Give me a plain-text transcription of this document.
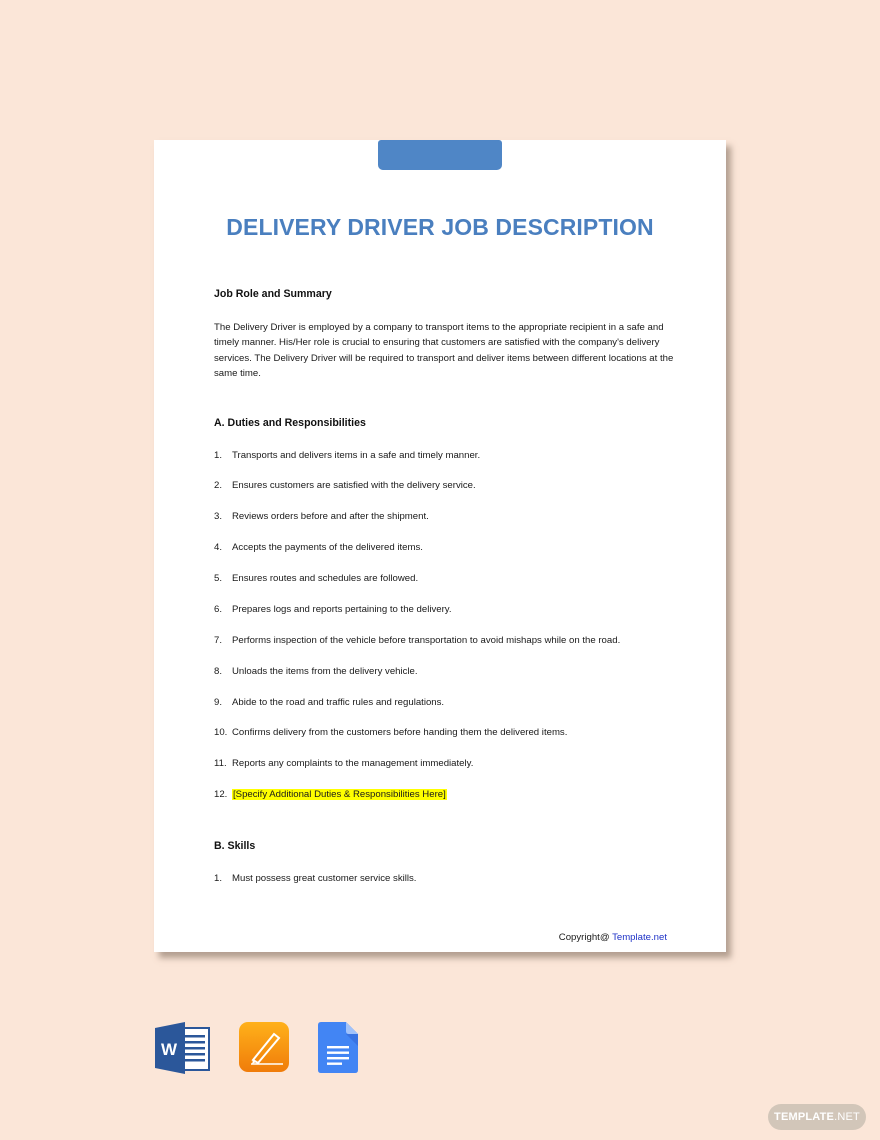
DELIVERY DRIVER JOB DESCRIPTION
Job Role and Summary

The Delivery Driver is employed by a company to transport items to the appropriate recipient in a safe and timely manner. His/Her role is crucial to ensuring that customers are satisfied with the company's delivery services. The Delivery Driver will be required to transport and deliver items between different locations at the same time.

A. Duties and Responsibilities
1. Transports and delivers items in a safe and timely manner.
2. Ensures customers are satisfied with the delivery service.
3. Reviews orders before and after the shipment.
4. Accepts the payments of the delivered items.
5. Ensures routes and schedules are followed.
6. Prepares logs and reports pertaining to the delivery.
7. Performs inspection of the vehicle before transportation to avoid mishaps while on the road.
8. Unloads the items from the delivery vehicle.
9. Abide to the road and traffic rules and regulations.
10. Confirms delivery from the customers before handing them the delivered items.
11. Reports any complaints to the management immediately.
12. [Specify Additional Duties & Responsibilities Here]
B. Skills
1. Must possess great customer service skills.
Copyright@ Template.net
W
TEMPLATE.NET
